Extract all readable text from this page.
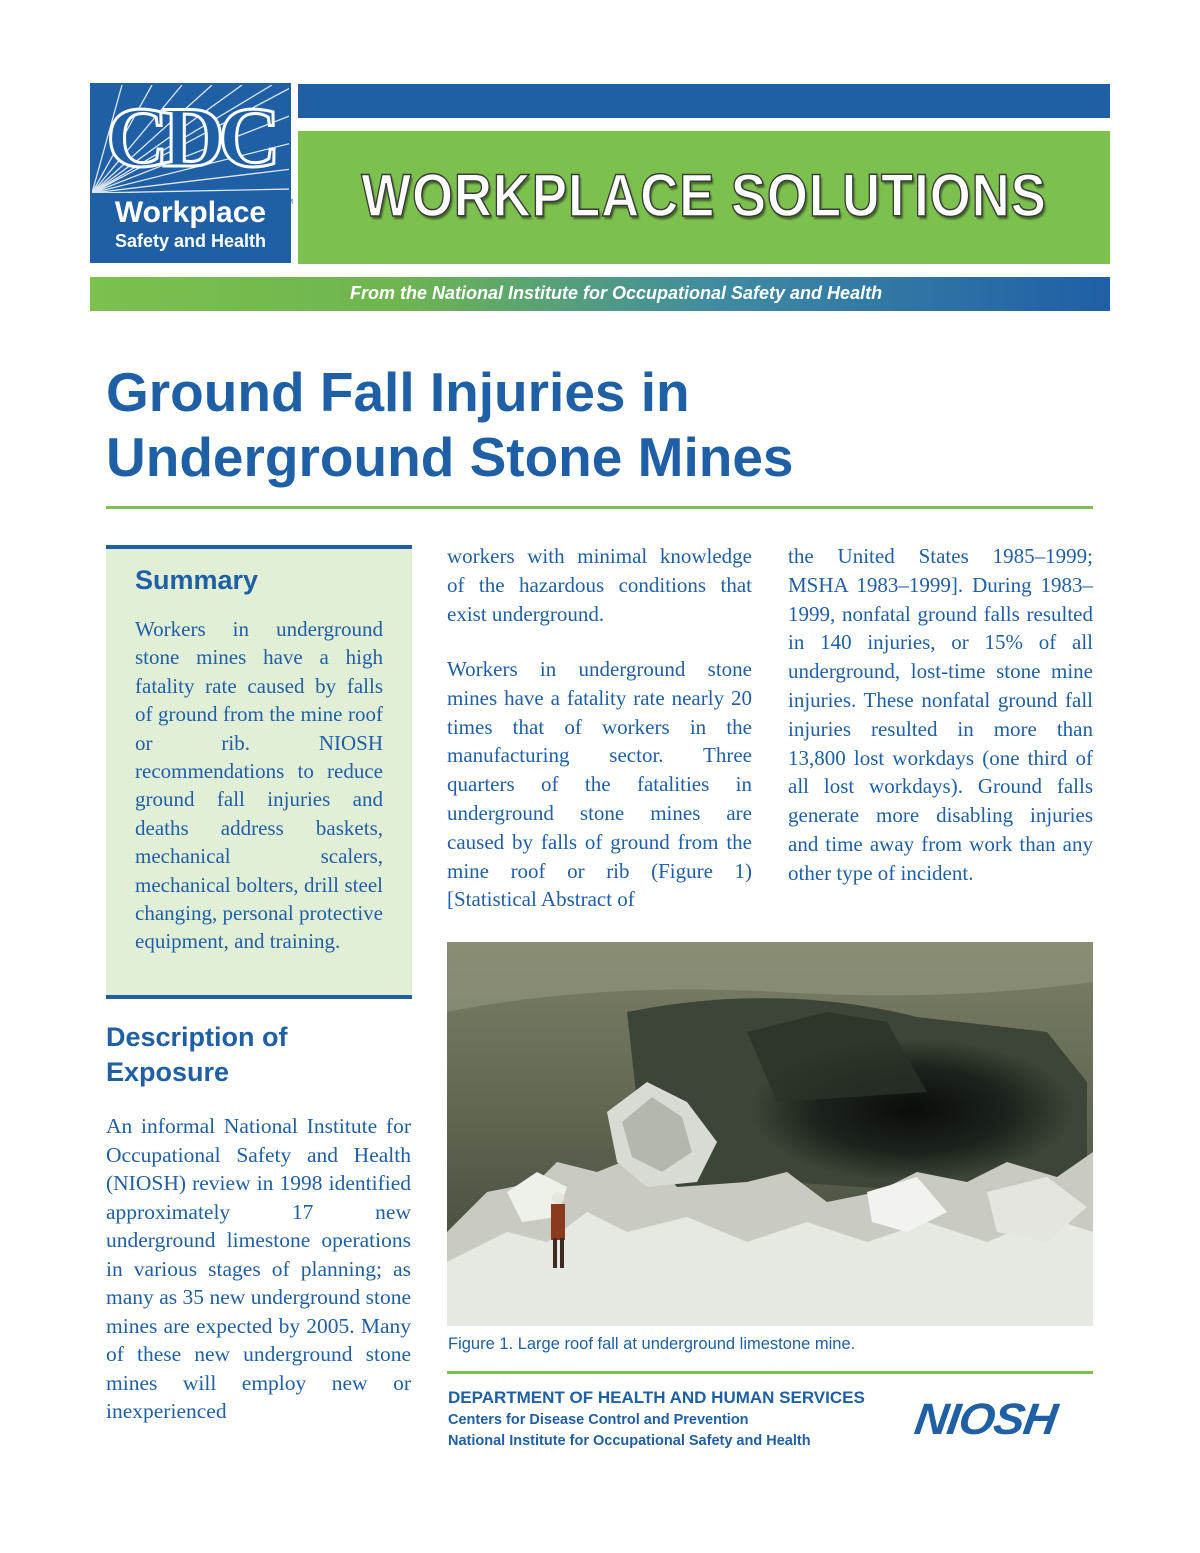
CDC
Workplace
Safety and Health
TM WORKPLACE SOLUTIONS
From the National Institute for Occupational Safety and Health
Ground Fall Injuries in
Underground Stone Mines
Summary

Workers in underground stone mines have a high fatality rate caused by falls of ground from the mine roof or rib. NIOSH recommendations to reduce ground fall injuries and deaths address baskets, mechanical scalers, mechanical bolters, drill steel changing, personal protective equipment, and training.

Description of
Exposure

An informal National Institute for Occupational Safety and Health (NIOSH) review in 1998 identified approximately 17 new underground limestone operations in various stages of planning; as many as 35 new underground stone mines are expected by 2005. Many of these new underground stone mines will employ new or inexperienced

workers with minimal knowledge of the hazardous conditions that exist underground.

Workers in underground stone mines have a fatality rate nearly 20 times that of workers in the manufacturing sector. Three quarters of the fatalities in underground stone mines are caused by falls of ground from the mine roof or rib (Figure 1) [Statistical Abstract of

the United States 1985–1999; MSHA 1983–1999]. During 1983–1999, nonfatal ground falls resulted in 140 injuries, or 15% of all underground, lost-time stone mine injuries. These nonfatal ground fall injuries resulted in more than 13,800 lost workdays (one third of all lost workdays). Ground falls generate more disabling injuries and time away from work than any other type of incident.

Figure 1. Large roof fall at underground limestone mine.

DEPARTMENT OF HEALTH AND HUMAN SERVICES
Centers for Disease Control and Prevention
National Institute for Occupational Safety and Health NIOSH
